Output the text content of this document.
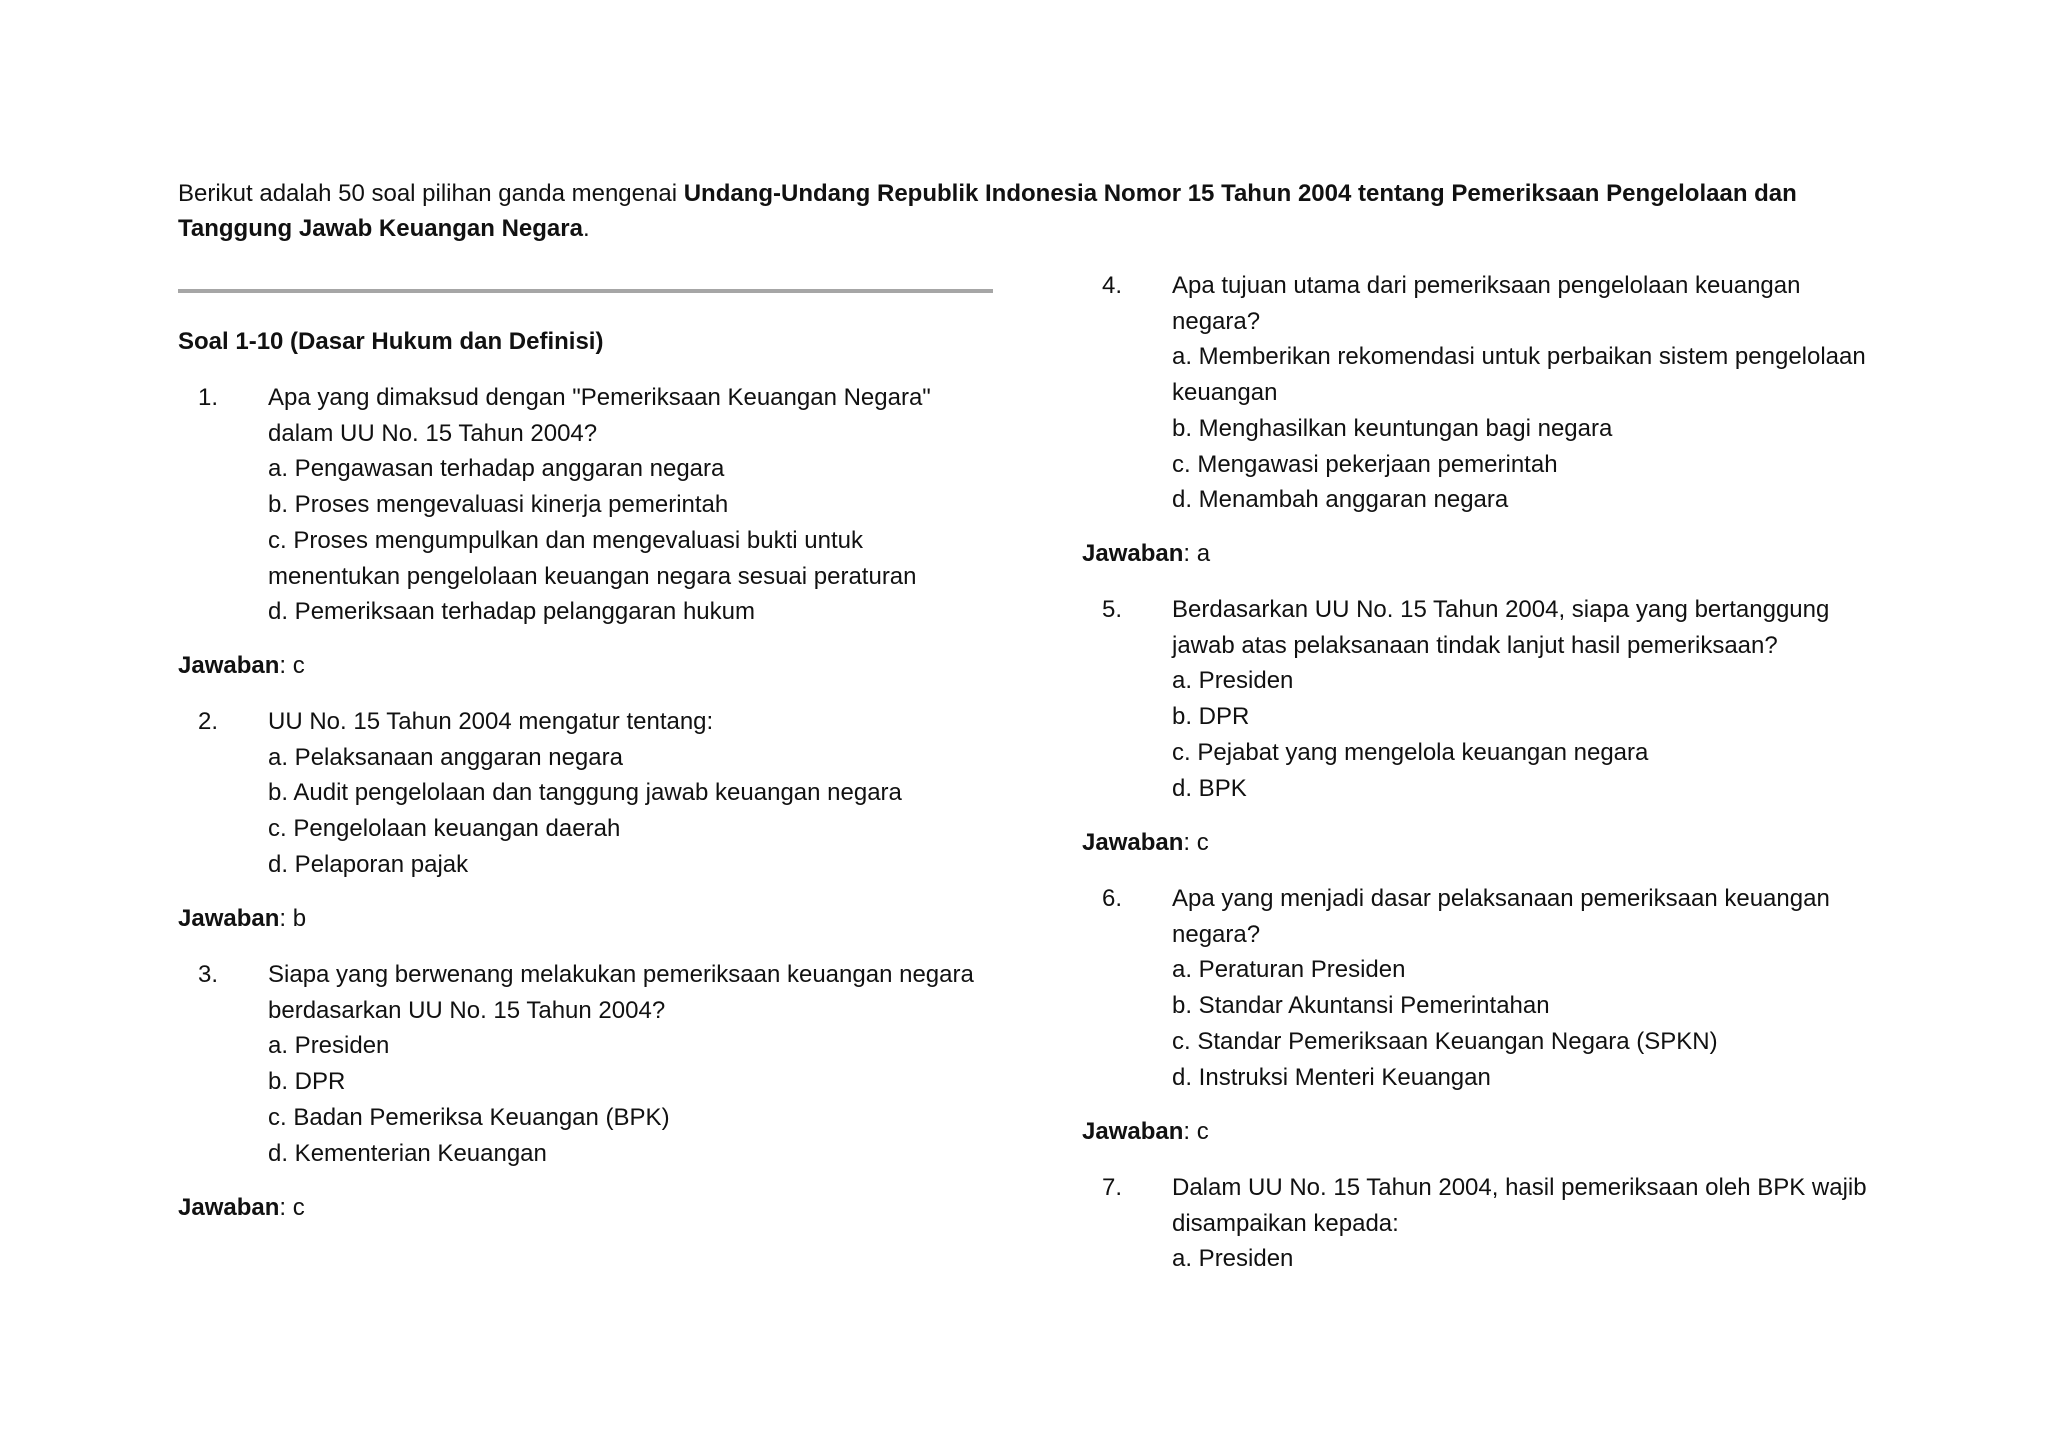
Berikut adalah 50 soal pilihan ganda mengenai Undang-Undang Republik Indonesia Nomor 15 Tahun 2004 tentang Pemeriksaan Pengelolaan dan Tanggung Jawab Keuangan Negara.

Soal 1-10 (Dasar Hukum dan Definisi)

1. Apa yang dimaksud dengan "Pemeriksaan Keuangan Negara"
dalam UU No. 15 Tahun 2004?
a. Pengawasan terhadap anggaran negara
b. Proses mengevaluasi kinerja pemerintah
c. Proses mengumpulkan dan mengevaluasi bukti untuk
menentukan pengelolaan keuangan negara sesuai peraturan
d. Pemeriksaan terhadap pelanggaran hukum

Jawaban: c

2. UU No. 15 Tahun 2004 mengatur tentang:
a. Pelaksanaan anggaran negara
b. Audit pengelolaan dan tanggung jawab keuangan negara
c. Pengelolaan keuangan daerah
d. Pelaporan pajak

Jawaban: b

3. Siapa yang berwenang melakukan pemeriksaan keuangan negara
berdasarkan UU No. 15 Tahun 2004?
a. Presiden
b. DPR
c. Badan Pemeriksa Keuangan (BPK)
d. Kementerian Keuangan

Jawaban: c

4. Apa tujuan utama dari pemeriksaan pengelolaan keuangan
negara?
a. Memberikan rekomendasi untuk perbaikan sistem pengelolaan
keuangan
b. Menghasilkan keuntungan bagi negara
c. Mengawasi pekerjaan pemerintah
d. Menambah anggaran negara

Jawaban: a

5. Berdasarkan UU No. 15 Tahun 2004, siapa yang bertanggung
jawab atas pelaksanaan tindak lanjut hasil pemeriksaan?
a. Presiden
b. DPR
c. Pejabat yang mengelola keuangan negara
d. BPK

Jawaban: c

6. Apa yang menjadi dasar pelaksanaan pemeriksaan keuangan
negara?
a. Peraturan Presiden
b. Standar Akuntansi Pemerintahan
c. Standar Pemeriksaan Keuangan Negara (SPKN)
d. Instruksi Menteri Keuangan

Jawaban: c

7. Dalam UU No. 15 Tahun 2004, hasil pemeriksaan oleh BPK wajib
disampaikan kepada:
a. Presiden
